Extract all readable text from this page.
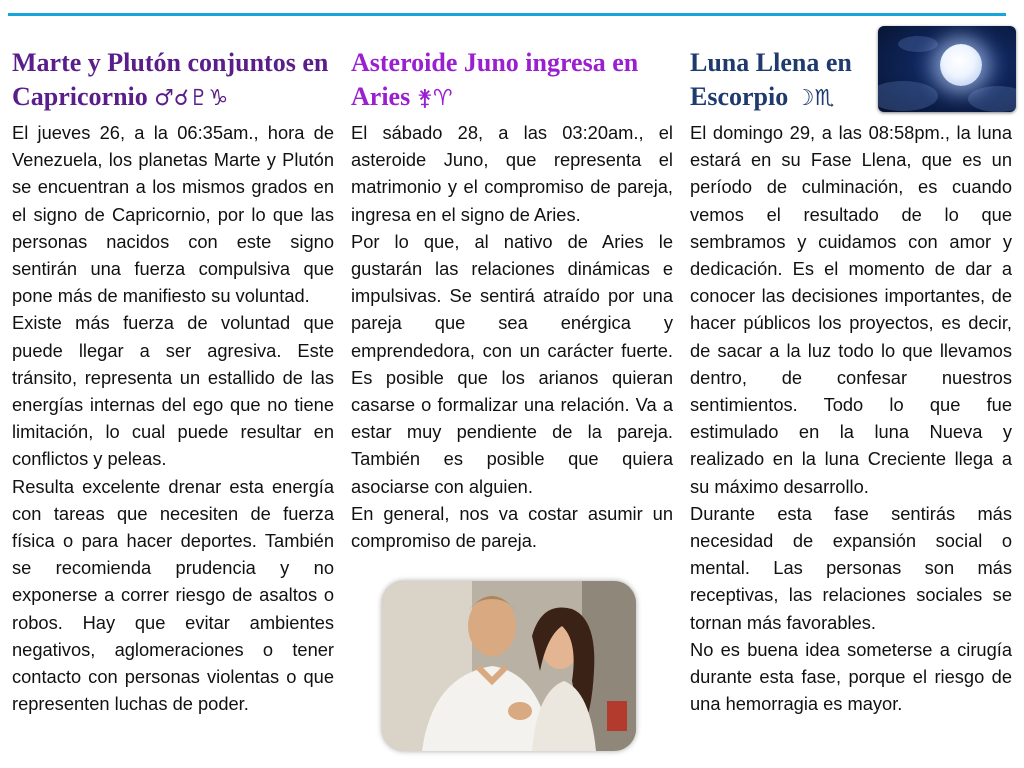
Marte y Plutón conjuntos en Capricornio ♂☌♇♑

El jueves 26, a la 06:35am., hora de Venezuela, los planetas Marte y Plutón se encuentran a los mismos grados en el signo de Capricornio, por lo que las personas nacidos con este signo sentirán una fuerza compulsiva que pone más de manifiesto su voluntad.

Existe más fuerza de voluntad que puede llegar a ser agresiva. Este tránsito, representa un estallido de las energías internas del ego que no tiene limitación, lo cual puede resultar en conflictos y peleas.

Resulta excelente drenar esta energía con tareas que necesiten de fuerza física o para hacer deportes. También se recomienda prudencia y no exponerse a correr riesgo de asaltos o robos. Hay que evitar ambientes negativos, aglomeraciones o tener contacto con personas violentas o que representen luchas de poder.

Asteroide Juno ingresa en Aries ⚵♈

El sábado 28, a las 03:20am., el asteroide Juno, que representa el matrimonio y el compromiso de pareja, ingresa en el signo de Aries.

Por lo que, al nativo de Aries le gustarán las relaciones dinámicas e impulsivas. Se sentirá atraído por una pareja que sea enérgica y emprendedora, con un carácter fuerte. Es posible que los arianos quieran casarse o formalizar una relación. Va a estar muy pendiente de la pareja. También es posible que quiera asociarse con alguien.

En general, nos va costar asumir un compromiso de pareja.

Luna Llena en Escorpio ☽♏

El domingo 29, a las 08:58pm., la luna estará en su Fase Llena, que es un período de culminación, es cuando vemos el resultado de lo que sembramos y cuidamos con amor y dedicación. Es el momento de dar a conocer las decisiones importantes, de hacer públicos los proyectos, es decir, de sacar a la luz todo lo que llevamos dentro, de confesar nuestros sentimientos. Todo lo que fue estimulado en la luna Nueva y realizado en la luna Creciente llega a su máximo desarrollo.

Durante esta fase sentirás más necesidad de expansión social o mental. Las personas son más receptivas, las relaciones sociales se tornan más favorables.

No es buena idea someterse a cirugía durante esta fase, porque el riesgo de una hemorragia es mayor.
